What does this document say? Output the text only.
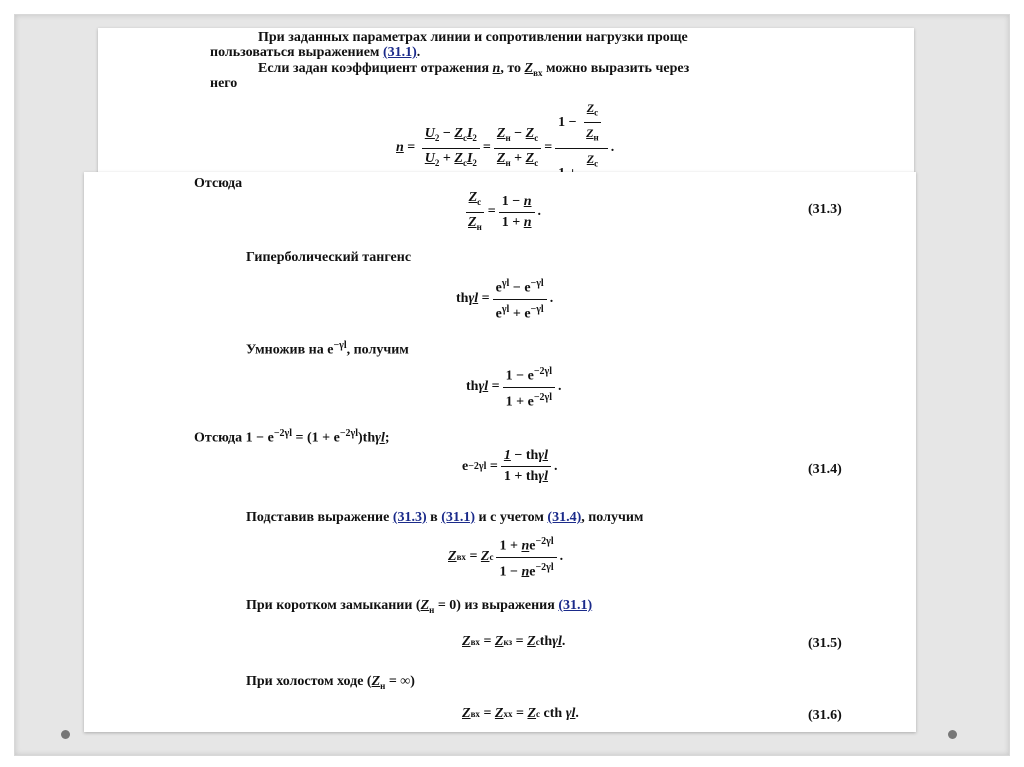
При заданных параметрах линии и сопротивлении нагрузки проще
пользоваться выражением (31.1).
Если задан коэффициент отражения n, то $Z_{вх}$ можно выразить через
него
$n = \frac{U_2 - Z_сI_2}{U_2 + Z_сI_2} = \frac{Z_н - Z_с}{Z_н + Z_с} = \frac{1 - \frac{Z_с}{Z_н}}{Z_с}$ .
Отсюда
$\frac{Z_с}{Z_н} = \frac{1 - n}{1 + n}$ .	(31.3)
Гиперболический тангенс
th $\gamma l = \frac{e^{\gamma l} - e^{-\gamma l}}{e^{\gamma l} + e^{-\gamma l}}$ .
Умножив на $e^{-\gamma l}$, получим
th $\gamma l = \frac{1 - e^{-2\gamma l}}{1 + e^{-2\gamma l}}$ .
Отсюда $1 - e^{-2\gamma l} = (1 + e^{-2\gamma l})th\gamma l$;
$e -2\gamma l = \frac{\text{1 − thγl}}{\text{1 + thγl}}$ .	(31.4)
Подставив выражение (31.3) в (31.1) и с учетом (31.4), получим
Z вх = Z с $\frac{1 + ne^{-2\gamma l}}{1 - ne^{-2\gamma l}}$ .
При коротком замыкании $(Z_н = 0)$ из выражения (31.1)
Z вх = Z кз = Z с th γl .	(31.5)
При холостом ходе ($Z_н$ = ∞)
Z вх = Z хх = Z с
cth
γl .	(31.6)
